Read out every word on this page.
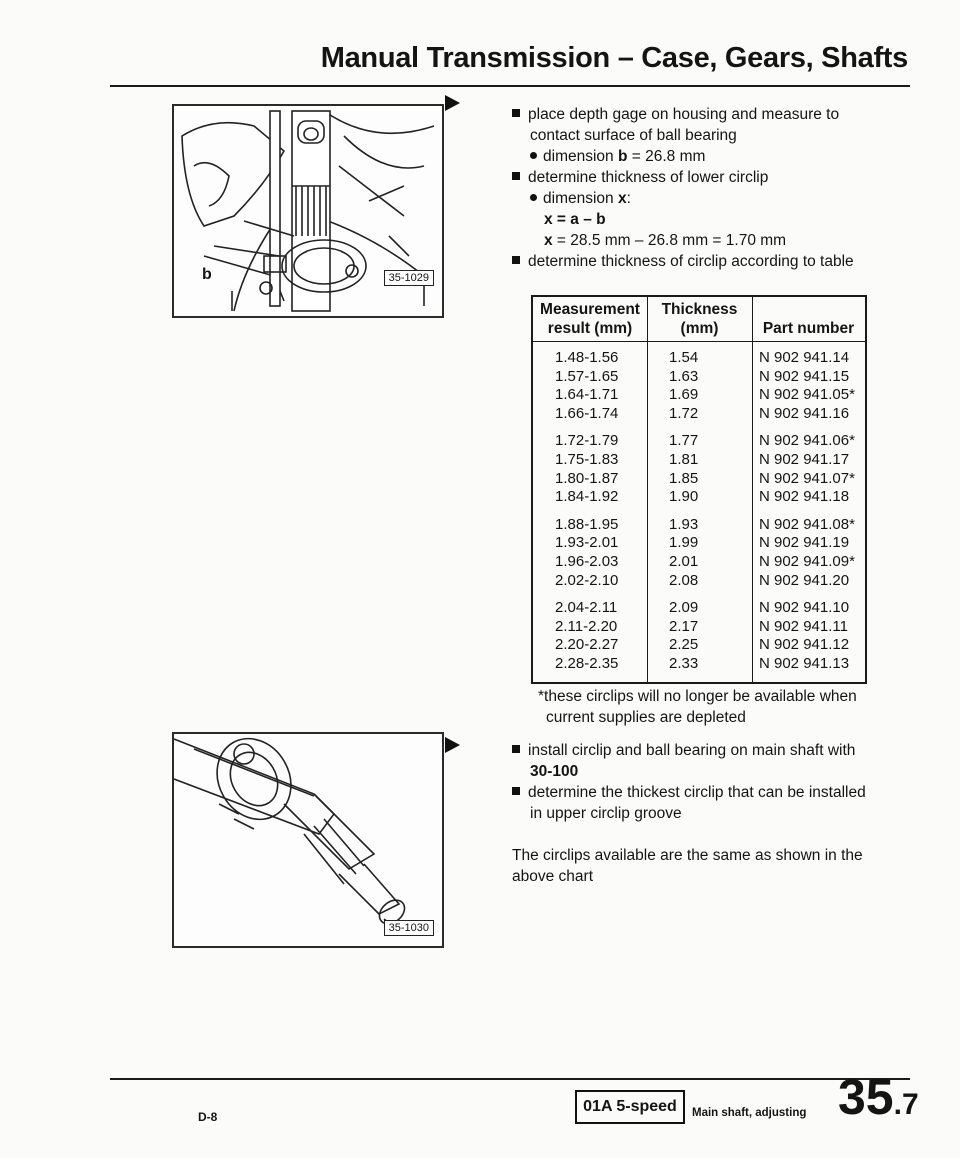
Manual Transmission – Case, Gears, Shafts
b	35-1029
place depth gage on housing and measure to contact surface of ball bearing
dimension b = 26.8 mm
determine thickness of lower circlip
dimension x:
x = a – b
x = 28.5 mm – 26.8 mm = 1.70 mm
determine thickness of circlip according to table
Measurement result (mm)
Thickness (mm)	Part number
1.48-1.56	1.54	N 902 941.14
1.57-1.65	1.63	N 902 941.15
1.64-1.71	1.69	N 902 941.05*
1.66-1.74	1.72	N 902 941.16
1.72-1.79	1.77	N 902 941.06*
1.75-1.83	1.81	N 902 941.17
1.80-1.87	1.85	N 902 941.07*
1.84-1.92	1.90	N 902 941.18
1.88-1.95	1.93	N 902 941.08*
1.93-2.01	1.99	N 902 941.19
1.96-2.03	2.01	N 902 941.09*
2.02-2.10	2.08	N 902 941.20
2.04-2.11	2.09	N 902 941.10
2.11-2.20	2.17	N 902 941.11
2.20-2.27	2.25	N 902 941.12
2.28-2.35	2.33	N 902 941.13
*these circlips will no longer be available when current supplies are depleted
35-1030
install circlip and ball bearing on main shaft with 30-100
determine the thickest circlip that can be installed in upper circlip groove
The circlips available are the same as shown in the above chart
D-8
01A 5-speed	Main shaft, adjusting 35.7
